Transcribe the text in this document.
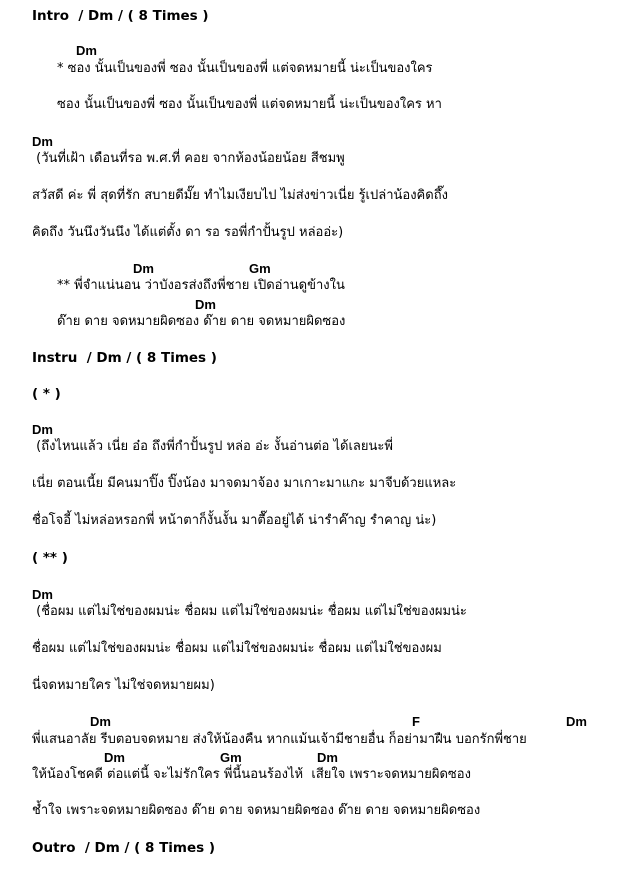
Intro  / Dm / ( 8 Times )
Dm
* ซอง นั้นเป็นของพี่ ซอง นั้นเป็นของพี่ แต่จดหมายนี้ น่ะเป็นของใคร
ซอง นั้นเป็นของพี่ ซอง นั้นเป็นของพี่ แต่จดหมายนี้ น่ะเป็นของใคร หา
Dm
(วันที่เฝ้า เดือนที่รอ พ.ศ.ที่ คอย จากห้องน้อยน้อย สีชมพู
สวัสดี ค่ะ พี่ สุดที่รัก สบายดีมั๊ย ทำไมเงียบไป ไม่ส่งข่าวเนี่ย รู้เปล่าน้องคิดถึ๊ง
คิดถึง วันนึงวันนึง ได้แต่ตั้ง ดา รอ รอพี่กำปั้นรูป หล่ออ่ะ)
Dm	Gm
** พี่จำแน่นอน ว่าบังอรส่งถึงพี่ชาย เปิดอ่านดูข้างใน
Dm
ด๊าย ดาย จดหมายผิดซอง ด๊าย ดาย จดหมายผิดซอง
Instru  / Dm / ( 8 Times )
( * )
Dm
(ถึงไหนแล้ว เนี่ย อ๋อ ถึงพี่กำปั้นรูป หล่อ อ่ะ งั้นอ่านต่อ ได้เลยนะพี่
เนี่ย ตอนเนี้ย มีคนมาปิ๊ง ปิ๊งน้อง มาจดมาจ้อง มาเกาะมาแกะ มาจีบด้วยแหละ
ชื่อโจอี้ ไม่หล่อหรอกพี่ หน้าตาก็งั้นงั้น มาตื๊ออยู่ได้ น่ารำค๊าญ รำคาญ น่ะ)
( ** )
Dm
(ชื่อผม แต่ไม่ใช่ของผมน่ะ ชื่อผม แต่ไม่ใช่ของผมน่ะ ชื่อผม แต่ไม่ใช่ของผมน่ะ
ชื่อผม แต่ไม่ใช่ของผมน่ะ ชื่อผม แต่ไม่ใช่ของผมน่ะ ชื่อผม แต่ไม่ใช่ของผม
นี่จดหมายใคร ไม่ใช่จดหมายผม)
Dm	F	Dm
พี่แสนอาลัย รีบตอบจดหมาย ส่งให้น้องคืน หากแม้นเจ้ามีชายอื่น ก็อย่ามาฝืน บอกรักพี่ชาย
Dm	Gm	Dm
ให้น้องโชคดี ต่อแต่นี้ จะไม่รักใคร พี่นี้นอนร้องไห้  เสียใจ เพราะจดหมายผิดซอง
ช้ำใจ เพราะจดหมายผิดซอง ด๊าย ดาย จดหมายผิดซอง ด๊าย ดาย จดหมายผิดซอง
Outro  / Dm / ( 8 Times )
